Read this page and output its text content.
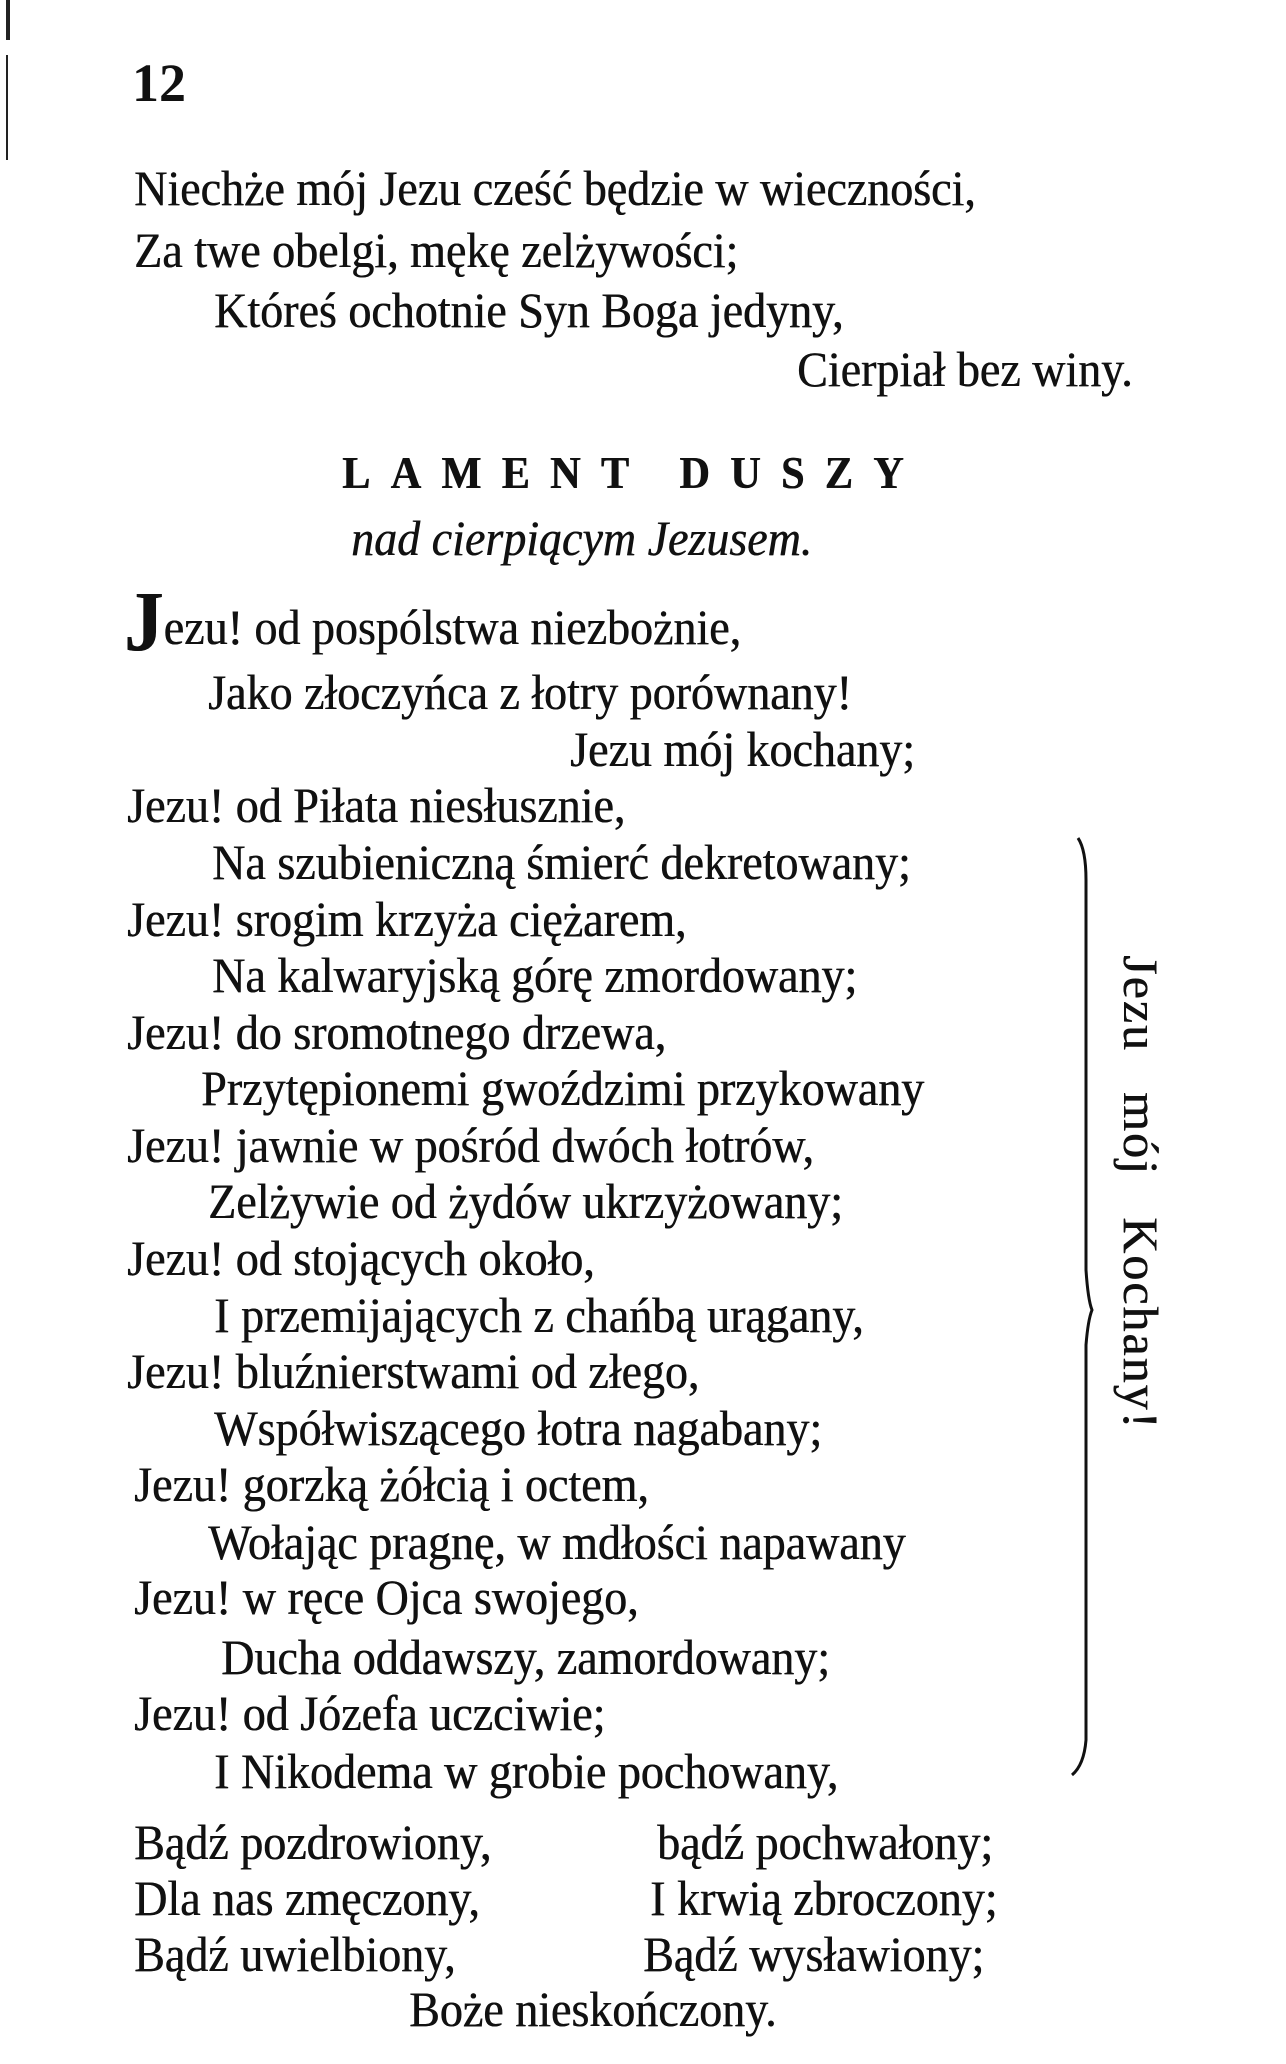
12
Niechże mój Jezu cześć będzie w wieczności,
Za twe obelgi, mękę zelżywości;
Któreś ochotnie Syn Boga jedyny,
Cierpiał bez winy.
LAMENT DUSZY
nad cierpiącym Jezusem.
Jezu! od pospólstwa niezbożnie,
Jako złoczyńca z łotry porównany!
Jezu mój kochany;
Jezu! od Piłata niesłusznie,
Na szubieniczną śmierć dekretowany;
Jezu! srogim krzyża ciężarem,
Na kalwaryjską górę zmordowany;
Jezu! do sromotnego drzewa,
Przytępionemi gwoździmi przykowany
Jezu! jawnie w pośród dwóch łotrów,
Zelżywie od żydów ukrzyżowany;
Jezu! od stojących około,
I przemijających z chańbą urągany,
Jezu! bluźnierstwami od złego,
Współwiszącego łotra nagabany;
Jezu! gorzką żółcią i octem,
Wołając pragnę, w mdłości napawany
Jezu! w ręce Ojca swojego,
Ducha oddawszy, zamordowany;
Jezu! od Józefa uczciwie;
I Nikodema w grobie pochowany,
Jezu mój Kochany!
Bądź pozdrowiony,	bądź pochwałony;
Dla nas zmęczony,	I krwią zbroczony;
Bądź uwielbiony,	Bądź wysławiony;
Boże nieskończony.
